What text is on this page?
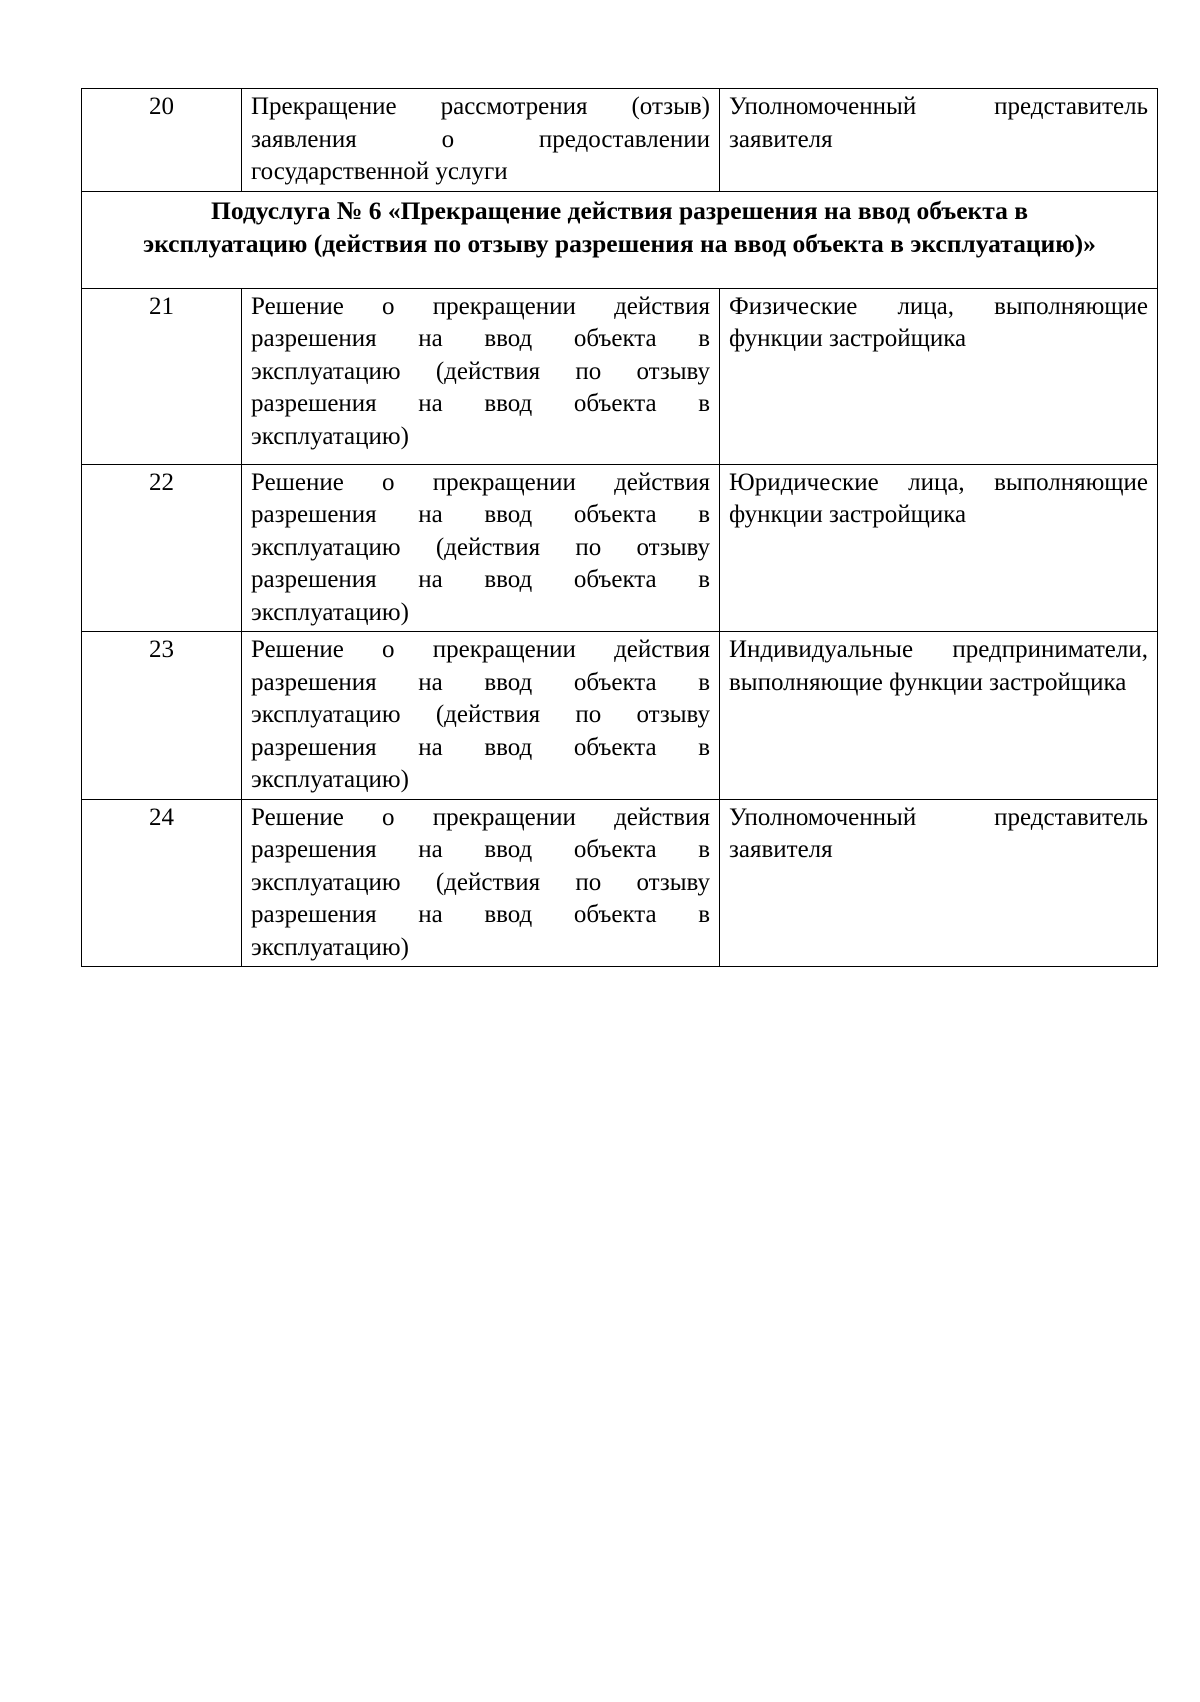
20	Прекращение рассмотрения (отзыв) заявления о предоставлении государственной услуги	Уполномоченный представитель заявителя
Подуслуга № 6 «Прекращение действия разрешения на ввод объекта в эксплуатацию (действия по отзыву разрешения на ввод объекта в эксплуатацию)»		
21	Решение о прекращении действия разрешения на ввод объекта в эксплуатацию (действия по отзыву разрешения на ввод объекта в эксплуатацию)	Физические лица, выполняющие функции застройщика
22	Решение о прекращении действия разрешения на ввод объекта в эксплуатацию (действия по отзыву разрешения на ввод объекта в эксплуатацию)	Юридические лица, выполняющие функции застройщика
23	Решение о прекращении действия разрешения на ввод объекта в эксплуатацию (действия по отзыву разрешения на ввод объекта в эксплуатацию)	Индивидуальные предприниматели, выполняющие функции застройщика
24	Решение о прекращении действия разрешения на ввод объекта в эксплуатацию (действия по отзыву разрешения на ввод объекта в эксплуатацию)	Уполномоченный представитель заявителя
